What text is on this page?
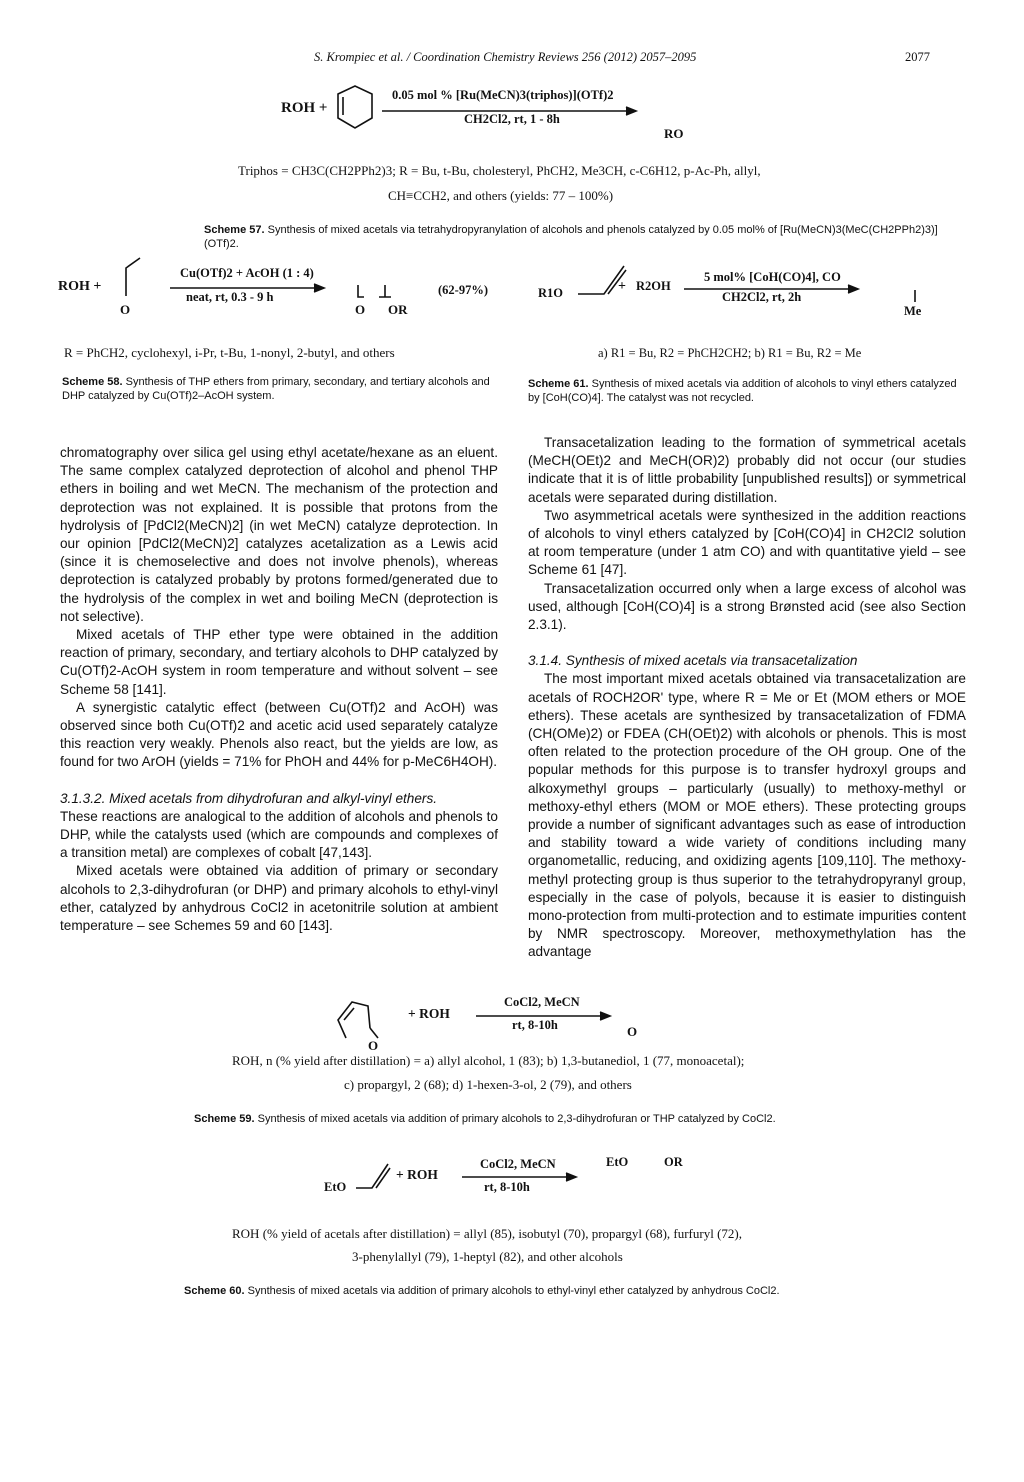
S. Krompiec et al. / Coordination Chemistry Reviews 256 (2012) 2057–2095	2077
ROH +
0.05 mol % [Ru(MeCN)3(triphos)](OTf)2
CH2Cl2, rt, 1 - 8h
RO
Triphos = CH3C(CH2PPh2)3; R = Bu, t-Bu, cholesteryl, PhCH2, Me3CH, c-C6H12, p-Ac-Ph, allyl,
CH≡CCH2, and others (yields: 77 – 100%)
Scheme 57. Synthesis of mixed acetals via tetrahydropyranylation of alcohols and phenols catalyzed by 0.05 mol% of [Ru(MeCN)3(MeC(CH2PPh2)3)](OTf)2.
ROH +
O
Cu(OTf)2 + AcOH (1 : 4)
neat, rt, 0.3 - 9 h
O OR
(62-97%)
R = PhCH2, cyclohexyl, i-Pr, t-Bu, 1-nonyl, 2-butyl, and others
Scheme 58. Synthesis of THP ethers from primary, secondary, and tertiary alcohols and DHP catalyzed by Cu(OTf)2–AcOH system.
R1O	+ R2OH
5 mol% [CoH(CO)4], CO
CH2Cl2, rt, 2h
Me
a) R1 = Bu, R2 = PhCH2CH2; b) R1 = Bu, R2 = Me
Scheme 61. Synthesis of mixed acetals via addition of alcohols to vinyl ethers catalyzed by [CoH(CO)4]. The catalyst was not recycled.

chromatography over silica gel using ethyl acetate/hexane as an eluent. The same complex catalyzed deprotection of alcohol and phenol THP ethers in boiling and wet MeCN. The mechanism of the protection and deprotection was not explained. It is possible that protons from the hydrolysis of [PdCl2(MeCN)2] (in wet MeCN) catalyze deprotection. In our opinion [PdCl2(MeCN)2] catalyzes acetalization as a Lewis acid (since it is chemoselective and does not involve phenols), whereas deprotection is catalyzed probably by protons formed/generated due to the hydrolysis of the complex in wet and boiling MeCN (deprotection is not selective).

Mixed acetals of THP ether type were obtained in the addition reaction of primary, secondary, and tertiary alcohols to DHP catalyzed by Cu(OTf)2-AcOH system in room temperature and without solvent – see Scheme 58 [141].

A synergistic catalytic effect (between Cu(OTf)2 and AcOH) was observed since both Cu(OTf)2 and acetic acid used separately catalyze this reaction very weakly. Phenols also react, but the yields are low, as found for two ArOH (yields = 71% for PhOH and 44% for p-MeC6H4OH).

3.1.3.2. Mixed acetals from dihydrofuran and alkyl-vinyl ethers.

These reactions are analogical to the addition of alcohols and phenols to DHP, while the catalysts used (which are compounds and complexes of a transition metal) are complexes of cobalt [47,143].

Mixed acetals were obtained via addition of primary or secondary alcohols to 2,3-dihydrofuran (or DHP) and primary alcohols to ethyl-vinyl ether, catalyzed by anhydrous CoCl2 in acetonitrile solution at ambient temperature – see Schemes 59 and 60 [143].

Transacetalization leading to the formation of symmetrical acetals (MeCH(OEt)2 and MeCH(OR)2) probably did not occur (our studies indicate that it is of little probability [unpublished results]) or symmetrical acetals were separated during distillation.

Two asymmetrical acetals were synthesized in the addition reactions of alcohols to vinyl ethers catalyzed by [CoH(CO)4] in CH2Cl2 solution at room temperature (under 1 atm CO) and with quantitative yield – see Scheme 61 [47].

Transacetalization occurred only when a large excess of alcohol was used, although [CoH(CO)4] is a strong Brønsted acid (see also Section 2.3.1).

3.1.4. Synthesis of mixed acetals via transacetalization

The most important mixed acetals obtained via transacetalization are acetals of ROCH2OR' type, where R = Me or Et (MOM ethers or MOE ethers). These acetals are synthesized by transacetalization of FDMA (CH(OMe)2) or FDEA (CH(OEt)2) with alcohols or phenols. This is most often related to the protection procedure of the OH group. One of the popular methods for this purpose is to transfer hydroxyl groups and alkoxymethyl groups – particularly (usually) to methoxy-methyl or methoxy-ethyl ethers (MOM or MOE ethers). These protecting groups provide a number of significant advantages such as ease of introduction and stability toward a wide variety of conditions including many organometallic, reducing, and oxidizing agents [109,110]. The methoxy-methyl protecting group is thus superior to the tetrahydropyranyl group, especially in the case of polyols, because it is easier to distinguish mono-protection from multi-protection and to estimate impurities content by NMR spectroscopy. Moreover, methoxymethylation has the advantage

O
+ ROH
CoCl2, MeCN
rt, 8-10h	O
ROH, n (% yield after distillation) = a) allyl alcohol, 1 (83); b) 1,3-butanediol, 1 (77, monoacetal);
c) propargyl, 2 (68); d) 1-hexen-3-ol, 2 (79), and others
Scheme 59. Synthesis of mixed acetals via addition of primary alcohols to 2,3-dihydrofuran or THP catalyzed by CoCl2.
EtO
+ ROH
CoCl2, MeCN
rt, 8-10h
EtO	OR
ROH (% yield of acetals after distillation) = allyl (85), isobutyl (70), propargyl (68), furfuryl (72),
3-phenylallyl (79), 1-heptyl (82), and other alcohols
Scheme 60. Synthesis of mixed acetals via addition of primary alcohols to ethyl-vinyl ether catalyzed by anhydrous CoCl2.
